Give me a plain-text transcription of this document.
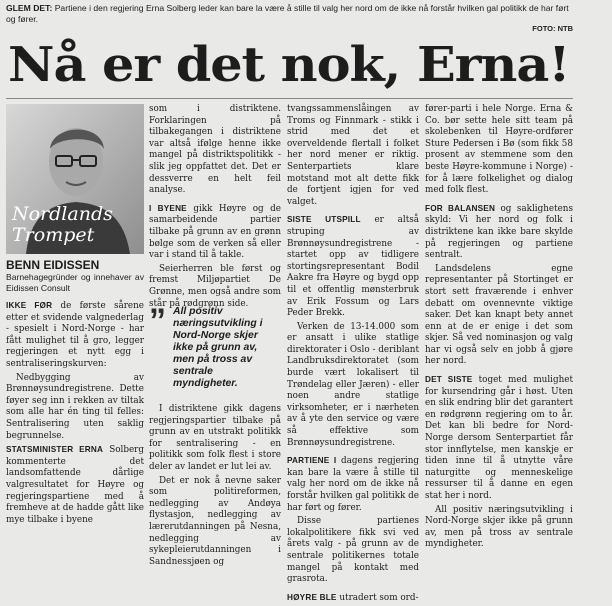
GLEM DET: Partiene i den regjering Erna Solberg leder kan bare la være å stille til valg her nord om de ikke nå forstår hvilken gal politikk de har ført og fører.
FOTO: NTB
Nå er det nok, Erna!
Nordlands
Trompet
BENN EIDISSEN
Barnehagegründer og innehaver av Eidissen Consult

IKKE FØR de første sårene etter et svidende valgnederlag - spesielt i Nord-Norge - har fått mulighet til å gro, legger regjeringen et nytt egg i sentraliseringskurven:

Nedbygging av Brønnøysundregistrene. Dette føyer seg inn i rekken av tiltak som alle har én ting til felles: Sentralisering uten saklig begrunnelse.

STATSMINISTER ERNA Solberg kommenterte det landsomfattende dårlige valgresultatet for Høyre og regjeringspartiene med å fremheve at de hadde gått like mye tilbake i byene

som i distriktene. Forklaringen på tilbakegangen i distriktene var altså ifølge henne ikke mangel på distriktspolitikk - slik jeg oppfattet det. Det er dessverre en helt feil analyse.

I BYENE gikk Høyre og de samarbeidende partier tilbake på grunn av en grønn bølge som de verken så eller var i stand til å takle.

Seierherren ble først og fremst Miljøpartiet De Grønne, men også andre som står på rødgrønn side.

I distriktene gikk dagens regjeringspartier tilbake på grunn av en utstrakt politikk for sentralisering - en politikk som folk flest i store deler av landet er lut lei av.

Det er nok å nevne saker som politireformen, nedlegging av Andøya flystasjon, nedlegging av lærerutdanningen på Nesna, nedlegging av sykepleierutdanningen i Sandnessjøen og

” All positiv næringsutvikling i Nord-Norge skjer ikke på grunn av, men på tross av sentrale myndigheter.

tvangssammenslåingen av Troms og Finnmark - stikk i strid med det et overveldende flertall i folket her nord mener er riktig. Senterpartiets klare motstand mot alt dette fikk de fortjent igjen for ved valget.

SISTE UTSPILL er altså struping av Brønnøysundregistrene - startet opp av tidligere stortingsrepresentant Bodil Aakre fra Høyre og bygd opp til et offentlig mønsterbruk av Erik Fossum og Lars Peder Brekk.

Verken de 13-14.000 som er ansatt i ulike statlige direktorater i Oslo - deriblant Landbruksdirektoratet (som burde vært lokalisert til Trøndelag eller Jæren) - eller noen andre statlige virksomheter, er i nærheten av å yte den service og være så effektive som Brønnøysundregistrene.

PARTIENE I dagens regjering kan bare la være å stille til valg her nord om de ikke nå forstår hvilken gal politikk de har ført og fører.

Disse partienes lokalpolitikere fikk svi ved årets valg - på grunn av de sentrale politikernes totale mangel på kontakt med grasrota.

HØYRE BLE utradert som ord-

fører-parti i hele Norge. Erna & Co. bør sette hele sitt team på skolebenken til Høyre-ordfører Sture Pedersen i Bø (som fikk 58 prosent av stemmene som den beste Høyre-kommune i Norge) - for å lære folkelighet og dialog med folk flest.

FOR BALANSEN og saklighetens skyld: Vi her nord og folk i distriktene kan ikke bare skylde på regjeringen og partiene sentralt.

Landsdelens egne representanter på Stortinget er stort sett fraværende i enhver debatt om ovennevnte viktige saker. Det kan knapt bety annet enn at de er enige i det som skjer. Så ved nominasjon og valg har vi også selv en jobb å gjøre her nord.

DET SISTE toget med mulighet for kursendring går i høst. Uten en slik endring blir det garantert en rødgrønn regjering om to år. Det kan bli bedre for Nord-Norge dersom Senterpartiet får stor innflytelse, men kanskje er tiden inne til å utnytte våre naturgitte og menneskelige ressurser til å danne en egen stat her i nord.

All positiv næringsutvikling i Nord-Norge skjer ikke på grunn av, men på tross av sentrale myndigheter.
